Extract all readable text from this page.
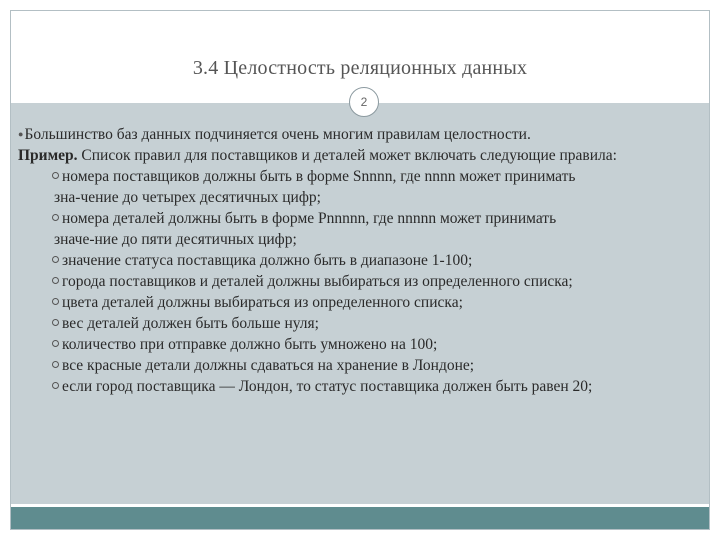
3.4 Целостность реляционных данных
2

●Большинство баз данных подчиняется очень многим правилам целостности.

Пример. Список правил для поставщиков и деталей может включать следующие правила:

номера поставщиков должны быть в форме Snnnn, где nnnn может принимать
зна-чение до четырех десятичных цифр;
номера деталей должны быть в форме Pnnnnn, где nnnnn может принимать
значе-ние до пяти десятичных цифр;
значение статуса поставщика должно быть в диапазоне 1-100;
города поставщиков и деталей должны выбираться из определенного списка;
цвета деталей должны выбираться из определенного списка;
вес деталей должен быть больше нуля;
количество при отправке должно быть умножено на 100;
все красные детали должны сдаваться на хранение в Лондоне;
если город поставщика — Лондон, то статус поставщика должен быть равен 20;
